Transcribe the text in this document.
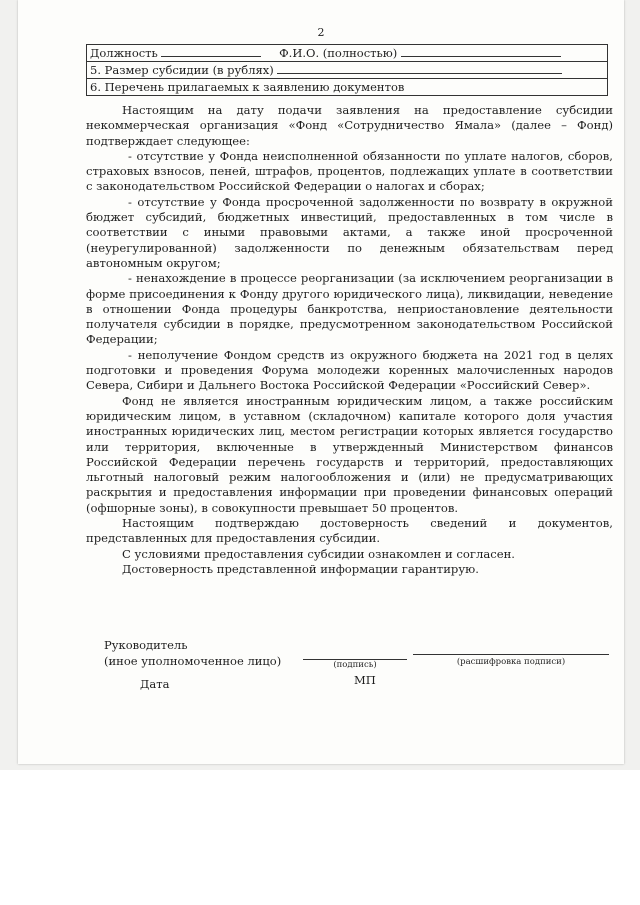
2
Должность	Ф.И.О. (полностью)
5. Размер субсидии (в рублях)
6. Перечень прилагаемых к заявлению документов

Настоящим на дату подачи заявления на предоставление субсидии некоммерческая организация «Фонд «Сотрудничество Ямала» (далее – Фонд) подтверждает следующее:

- отсутствие у Фонда неисполненной обязанности по уплате налогов, сборов, страховых взносов, пеней, штрафов, процентов, подлежащих уплате в соответствии с законодательством Российской Федерации о налогах и сборах;

- отсутствие у Фонда просроченной задолженности по возврату в окружной бюджет субсидий, бюджетных инвестиций, предоставленных в том числе в соответствии с иными правовыми актами, а также иной просроченной (неурегулированной) задолженности по денежным обязательствам перед автономным округом;

- ненахождение в процессе реорганизации (за исключением реорганизации в форме присоединения к Фонду другого юридического лица), ликвидации, неведение в отношении Фонда процедуры банкротства, неприостановление деятельности получателя субсидии в порядке, предусмотренном законодательством Российской Федерации;

- неполучение Фондом средств из окружного бюджета на 2021 год в целях подготовки и проведения Форума молодежи коренных малочисленных народов Севера, Сибири и Дальнего Востока Российской Федерации «Российский Север».

Фонд не является иностранным юридическим лицом, а также российским юридическим лицом, в уставном (складочном) капитале которого доля участия иностранных юридических лиц, местом регистрации которых является государство или территория, включенные в утвержденный Министерством финансов Российской Федерации перечень государств и территорий, предоставляющих льготный налоговый режим налогообложения и (или) не предусматривающих раскрытия и предоставления информации при проведении финансовых операций (офшорные зоны), в совокупности превышает 50 процентов.

Настоящим подтверждаю достоверность сведений и документов, представленных для предоставления субсидии.

С условиями предоставления субсидии ознакомлен и согласен.

Достоверность представленной информации гарантирую.

Руководитель
(иное уполномоченное лицо)	(подпись)	(расшифровка подписи)
Дата	МП
